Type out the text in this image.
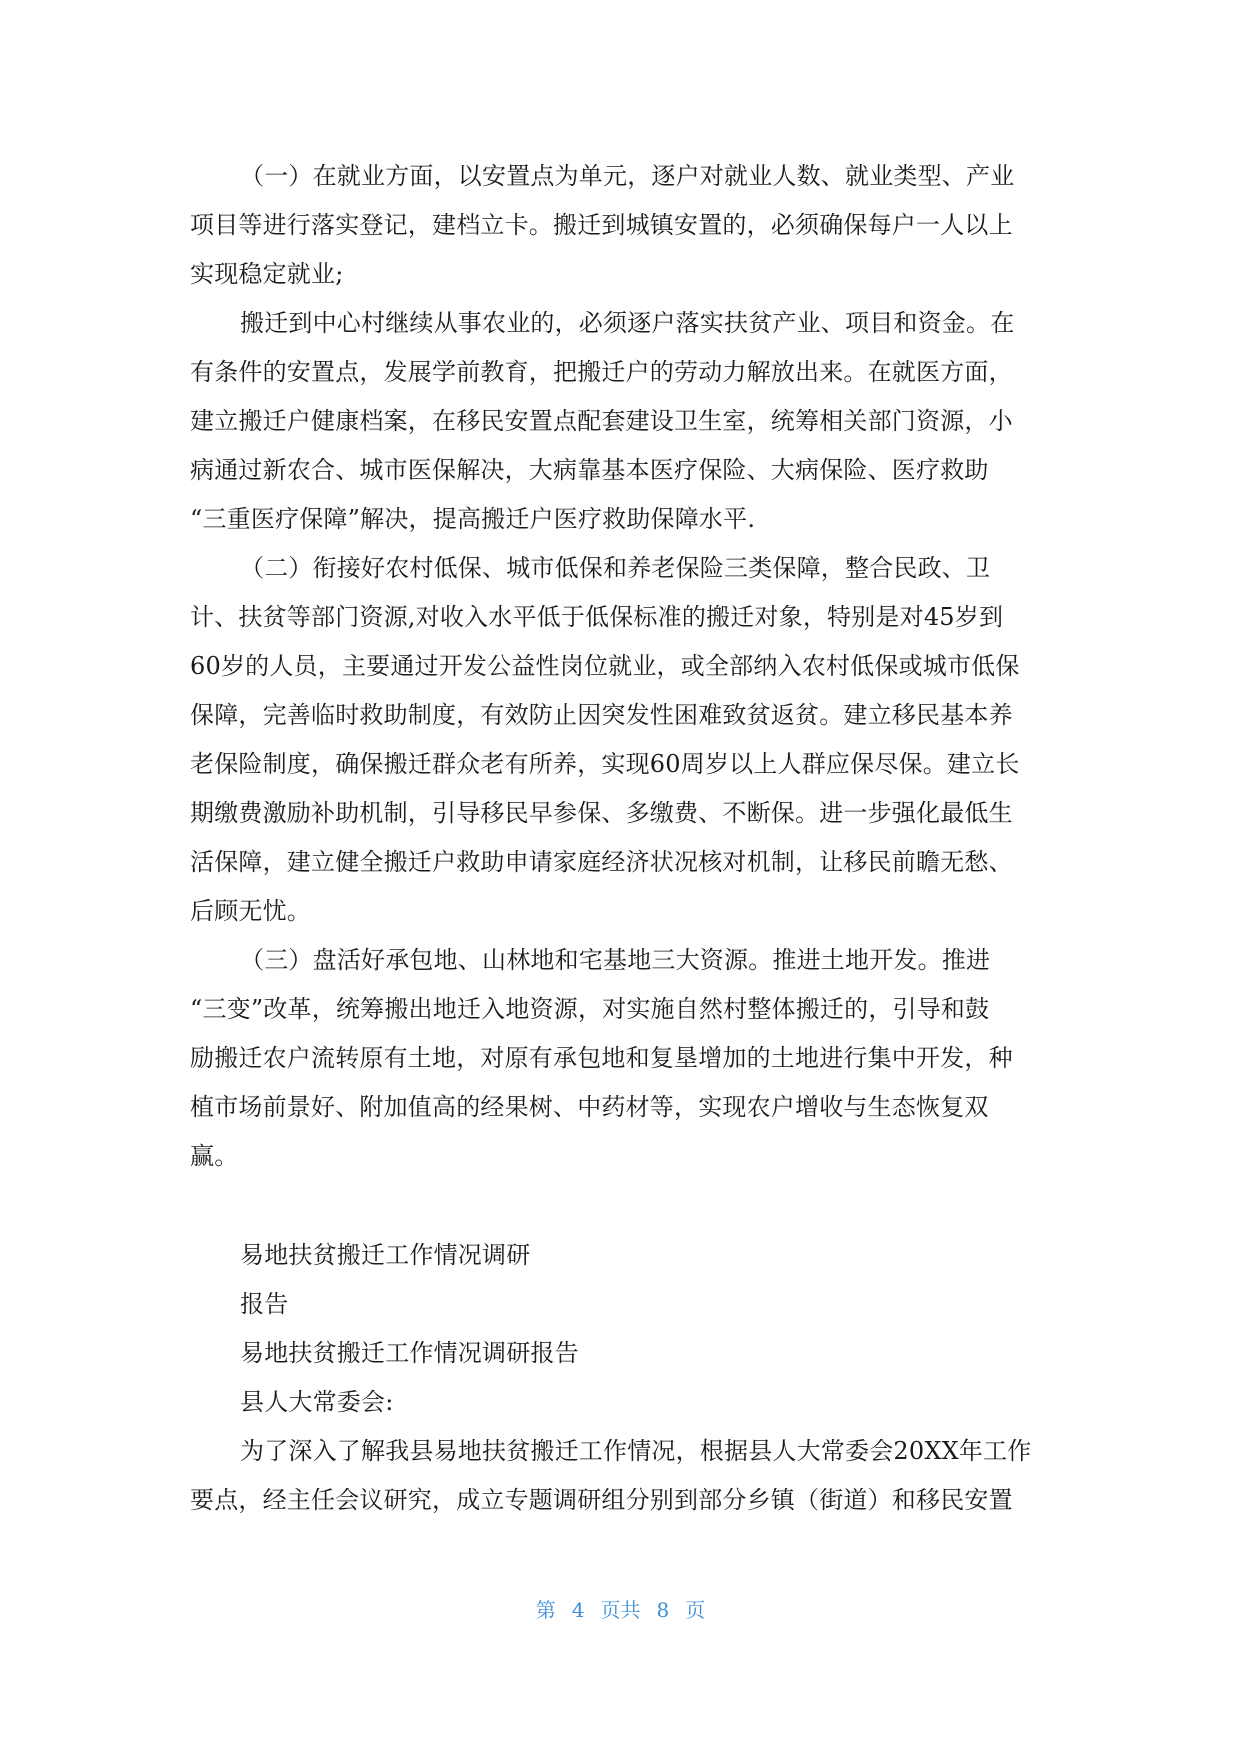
（一）在就业方面，以安置点为单元，逐户对就业人数、就业类型、产业
项目等进行落实登记，建档立卡。搬迁到城镇安置的，必须确保每户一人以上
实现稳定就业;
搬迁到中心村继续从事农业的，必须逐户落实扶贫产业、项目和资金。在
有条件的安置点，发展学前教育，把搬迁户的劳动力解放出来。在就医方面，
建立搬迁户健康档案，在移民安置点配套建设卫生室，统筹相关部门资源，小
病通过新农合、城市医保解决，大病靠基本医疗保险、大病保险、医疗救助
“三重医疗保障”解决，提高搬迁户医疗救助保障水平.
（二）衔接好农村低保、城市低保和养老保险三类保障，整合民政、卫
计、扶贫等部门资源,对收入水平低于低保标准的搬迁对象，特别是对45岁到
60岁的人员，主要通过开发公益性岗位就业，或全部纳入农村低保或城市低保
保障，完善临时救助制度，有效防止因突发性困难致贫返贫。建立移民基本养
老保险制度，确保搬迁群众老有所养，实现60周岁以上人群应保尽保。建立长
期缴费激励补助机制，引导移民早参保、多缴费、不断保。进一步强化最低生
活保障，建立健全搬迁户救助申请家庭经济状况核对机制，让移民前瞻无愁、
后顾无忧。
（三）盘活好承包地、山林地和宅基地三大资源。推进土地开发。推进
“三变”改革，统筹搬出地迁入地资源，对实施自然村整体搬迁的，引导和鼓
励搬迁农户流转原有土地，对原有承包地和复垦增加的土地进行集中开发，种
植市场前景好、附加值高的经果树、中药材等，实现农户增收与生态恢复双
赢。
易地扶贫搬迁工作情况调研
报告
易地扶贫搬迁工作情况调研报告
县人大常委会:
为了深入了解我县易地扶贫搬迁工作情况，根据县人大常委会20XX年工作
要点，经主任会议研究，成立专题调研组分别到部分乡镇（街道）和移民安置
第 4 页共 8 页
